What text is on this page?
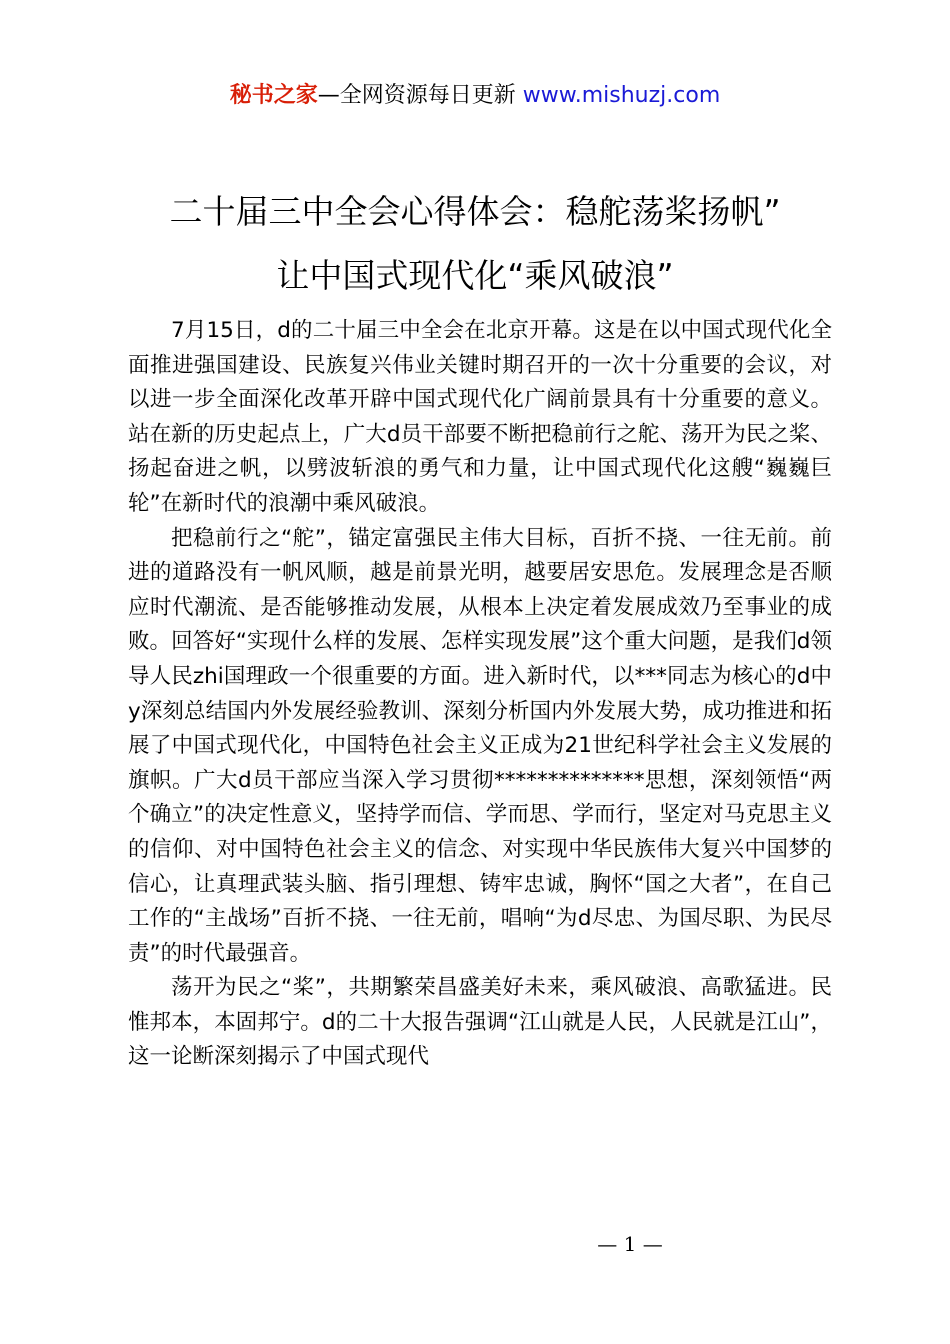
秘书之家—全网资源每日更新 www.mishuzj.com
二十届三中全会心得体会：稳舵荡桨扬帆”
让中国式现代化“乘风破浪”

7月15日，d的二十届三中全会在北京开幕。这是在以中国式现代化全面推进强国建设、民族复兴伟业关键时期召开的一次十分重要的会议，对以进一步全面深化改革开辟中国式现代化广阔前景具有十分重要的意义。站在新的历史起点上，广大d员干部要不断把稳前行之舵、荡开为民之桨、扬起奋进之帆，以劈波斩浪的勇气和力量，让中国式现代化这艘“巍巍巨轮”在新时代的浪潮中乘风破浪。

把稳前行之“舵”，锚定富强民主伟大目标，百折不挠、一往无前。前进的道路没有一帆风顺，越是前景光明，越要居安思危。发展理念是否顺应时代潮流、是否能够推动发展，从根本上决定着发展成效乃至事业的成败。回答好“实现什么样的发展、怎样实现发展”这个重大问题，是我们d领导人民zhi国理政一个很重要的方面。进入新时代，以***同志为核心的d中y深刻总结国内外发展经验教训、深刻分析国内外发展大势，成功推进和拓展了中国式现代化，中国特色社会主义正成为21世纪科学社会主义发展的旗帜。广大d员干部应当深入学习贯彻**************思想，深刻领悟“两个确立”的决定性意义，坚持学而信、学而思、学而行，坚定对马克思主义的信仰、对中国特色社会主义的信念、对实现中华民族伟大复兴中国梦的信心，让真理武装头脑、指引理想、铸牢忠诚，胸怀“国之大者”，在自己工作的“主战场”百折不挠、一往无前，唱响“为d尽忠、为国尽职、为民尽责”的时代最强音。

荡开为民之“桨”，共期繁荣昌盛美好未来，乘风破浪、高歌猛进。民惟邦本，本固邦宁。d的二十大报告强调“江山就是人民，人民就是江山”，这一论断深刻揭示了中国式现代

— 1 —
